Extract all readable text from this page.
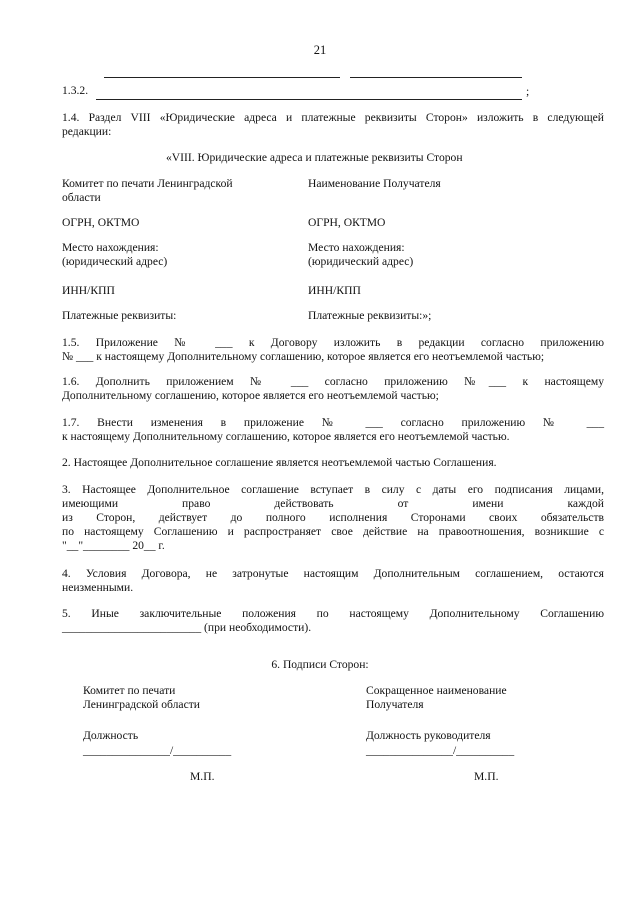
21
1.3.2.	;
1.4. Раздел VIII «Юридические адреса и платежные реквизиты Сторон» изложить в следующей
редакции:
«VIII. Юридические адреса и платежные реквизиты Сторон
Комитет по печати Ленинградской
области
ОГРН, ОКТМО
Место нахождения:
(юридический адрес)
ИНН/КПП
Платежные реквизиты:
Наименование Получателя
ОГРН, ОКТМО
Место нахождения:
(юридический адрес)
ИНН/КПП
Платежные реквизиты:»;
1.5. Приложение № ___ к Договору изложить в редакции согласно приложению
№ ___ к настоящему Дополнительному соглашению, которое является его неотъемлемой частью;
1.6. Дополнить приложением № ___ согласно приложению №___ к настоящему
Дополнительному соглашению, которое является его неотъемлемой частью;
1.7. Внести изменения в приложение № ___ согласно приложению № ___
к настоящему Дополнительному соглашению, которое является его неотъемлемой частью.
2. Настоящее Дополнительное соглашение является неотъемлемой частью Соглашения.
3. Настоящее Дополнительное соглашение вступает в силу с даты его подписания лицами,
имеющими право действовать от имени каждой
из Сторон, действует до полного исполнения Сторонами своих обязательств
по настоящему Соглашению и распространяет свое действие на правоотношения, возникшие с
"__"________ 20__ г.
4. Условия Договора, не затронутые настоящим Дополнительным соглашением, остаются
неизменными.
5. Иные заключительные положения по настоящему Дополнительному Соглашению
________________________ (при необходимости).
6. Подписи Сторон:
Комитет по печати
Ленинградской области
Должность
_______________/__________
М.П.
Сокращенное наименование
Получателя
Должность руководителя
_______________/__________
М.П.
